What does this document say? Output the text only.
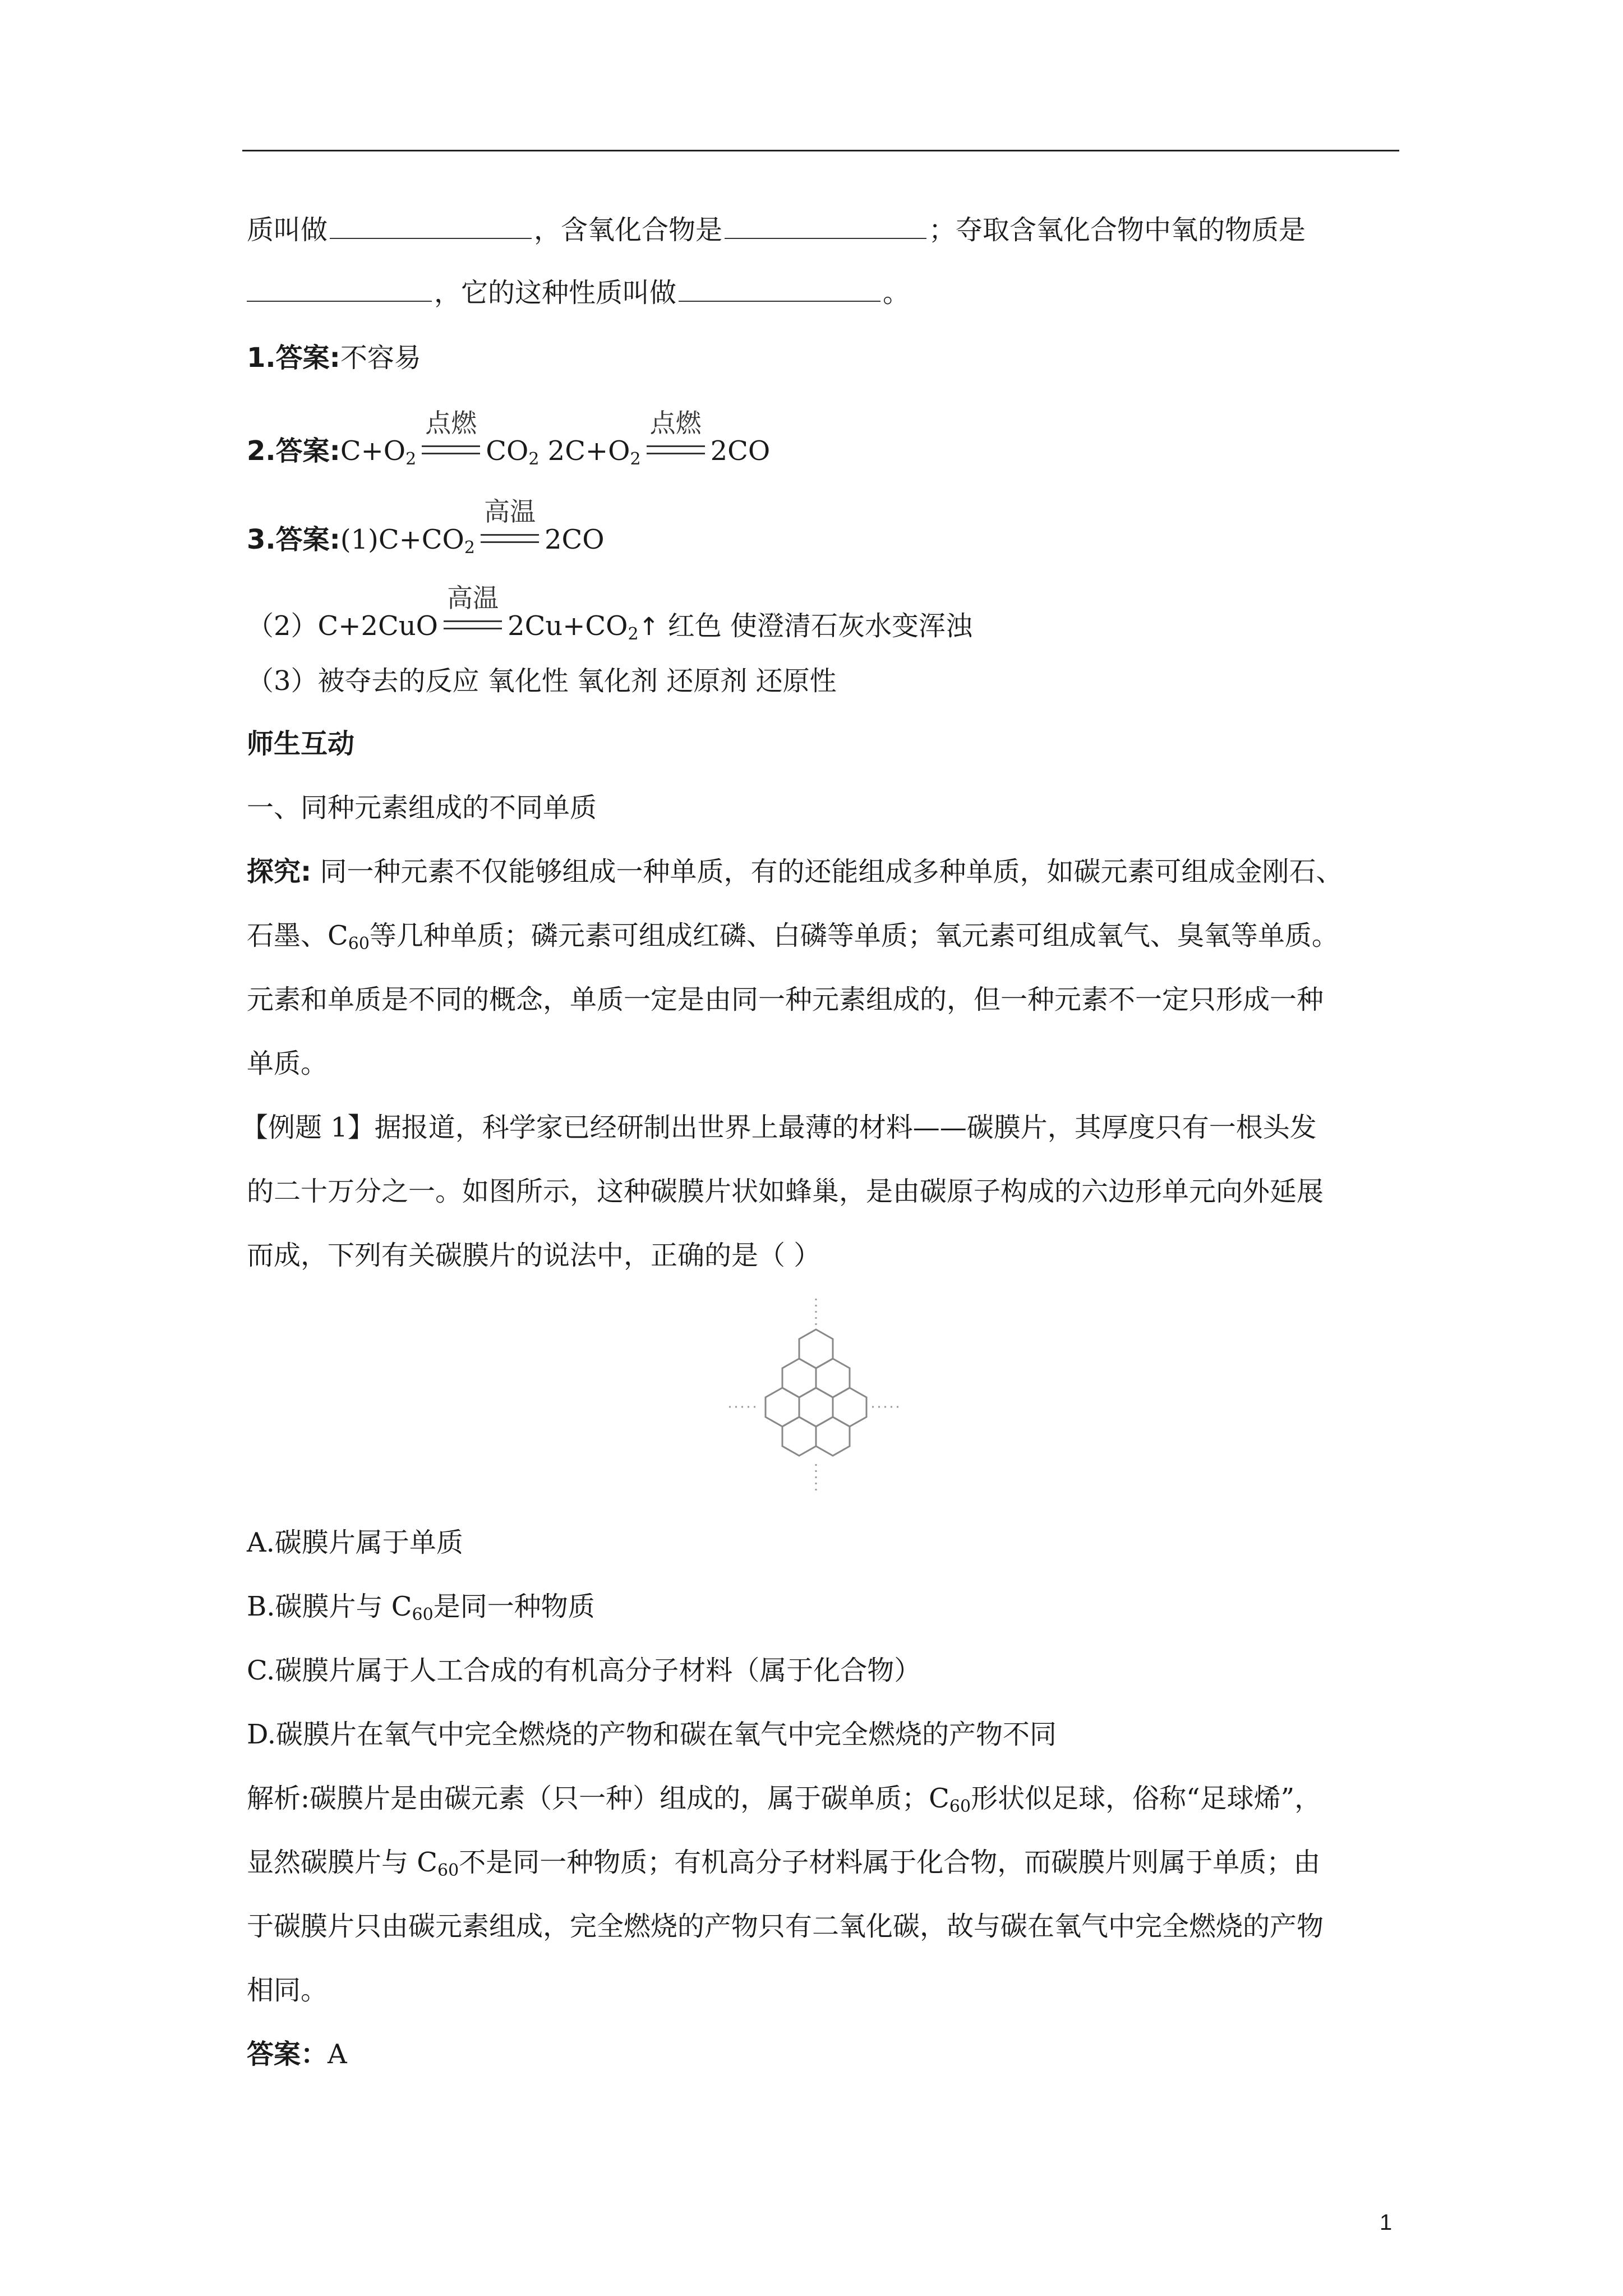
质叫做	，含氧化合物是	；夺取含氧化合物中氧的物质是
，它的这种性质叫做	。
1.答案:不容易
2.答案$:C+O_2$
点燃
$CO_2$ $2C+O_2$
点燃
2CO
3.答案$:(1)C+CO_2$
高温
2CO
（2）C+2CuO
高温
$2Cu+CO_2↑$ 红色 使澄清石灰水变浑浊
（3）被夺去的反应 氧化性 氧化剂 还原剂 还原性
师生互动
一、同种元素组成的不同单质
探究: 同一种元素不仅能够组成一种单质，有的还能组成多种单质，如碳元素可组成金刚石、
石墨、$C_{60}$等几种单质；磷元素可组成红磷、白磷等单质；氧元素可组成氧气、臭氧等单质。
元素和单质是不同的概念，单质一定是由同一种元素组成的，但一种元素不一定只形成一种
单质。
【例题 1】据报道，科学家已经研制出世界上最薄的材料——碳膜片，其厚度只有一根头发
的二十万分之一。如图所示，这种碳膜片状如蜂巢，是由碳原子构成的六边形单元向外延展
而成，下列有关碳膜片的说法中，正确的是（ ）
A.碳膜片属于单质
B.碳膜片与 $C_{60}$是同一种物质
C.碳膜片属于人工合成的有机高分子材料（属于化合物）
D.碳膜片在氧气中完全燃烧的产物和碳在氧气中完全燃烧的产物不同
解析:碳膜片是由碳元素（只一种）组成的，属于碳单质；$C_{60}$形状似足球，俗称“足球烯”，
显然碳膜片与 $C_{60}$不是同一种物质；有机高分子材料属于化合物，而碳膜片则属于单质；由
于碳膜片只由碳元素组成，完全燃烧的产物只有二氧化碳，故与碳在氧气中完全燃烧的产物
相同。
答案：A
1
